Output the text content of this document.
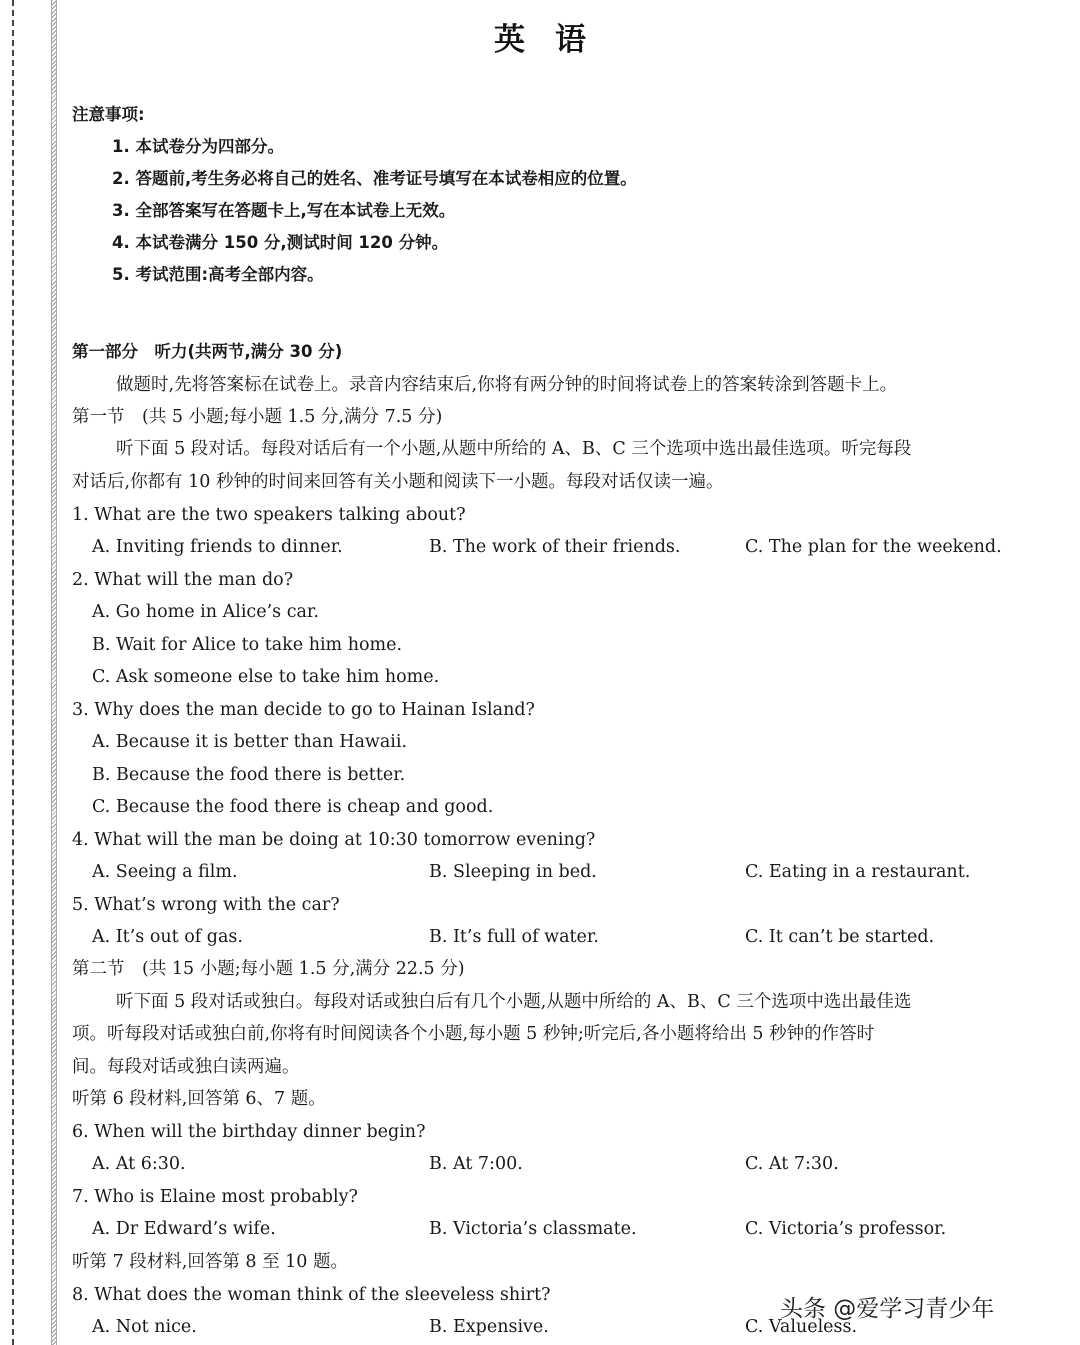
英语
注意事项:
1. 本试卷分为四部分。
2. 答题前,考生务必将自己的姓名、准考证号填写在本试卷相应的位置。
3. 全部答案写在答题卡上,写在本试卷上无效。
4. 本试卷满分 150 分,测试时间 120 分钟。
5. 考试范围:高考全部内容。
第一部分　听力(共两节,满分 30 分)
做题时,先将答案标在试卷上。录音内容结束后,你将有两分钟的时间将试卷上的答案转涂到答题卡上。
第一节　(共 5 小题;每小题 1.5 分,满分 7.5 分)
听下面 5 段对话。每段对话后有一个小题,从题中所给的 A、B、C 三个选项中选出最佳选项。听完每段
对话后,你都有 10 秒钟的时间来回答有关小题和阅读下一小题。每段对话仅读一遍。
1. What are the two speakers talking about?
A. Inviting friends to dinner.	B. The work of their friends.	C. The plan for the weekend.
2. What will the man do?
A. Go home in Alice’s car.
B. Wait for Alice to take him home.
C. Ask someone else to take him home.
3. Why does the man decide to go to Hainan Island?
A. Because it is better than Hawaii.
B. Because the food there is better.
C. Because the food there is cheap and good.
4. What will the man be doing at 10:30 tomorrow evening?
A. Seeing a film.	B. Sleeping in bed.	C. Eating in a restaurant.
5. What’s wrong with the car?
A. It’s out of gas.	B. It’s full of water.	C. It can’t be started.
第二节　(共 15 小题;每小题 1.5 分,满分 22.5 分)
听下面 5 段对话或独白。每段对话或独白后有几个小题,从题中所给的 A、B、C 三个选项中选出最佳选
项。听每段对话或独白前,你将有时间阅读各个小题,每小题 5 秒钟;听完后,各小题将给出 5 秒钟的作答时
间。每段对话或独白读两遍。
听第 6 段材料,回答第 6、7 题。
6. When will the birthday dinner begin?
A. At 6:30.	B. At 7:00.	C. At 7:30.
7. Who is Elaine most probably?
A. Dr Edward’s wife.	B. Victoria’s classmate.	C. Victoria’s professor.
听第 7 段材料,回答第 8 至 10 题。
8. What does the woman think of the sleeveless shirt?
A. Not nice.	B. Expensive.	C. Valueless.
头条 @爱学习青少年
